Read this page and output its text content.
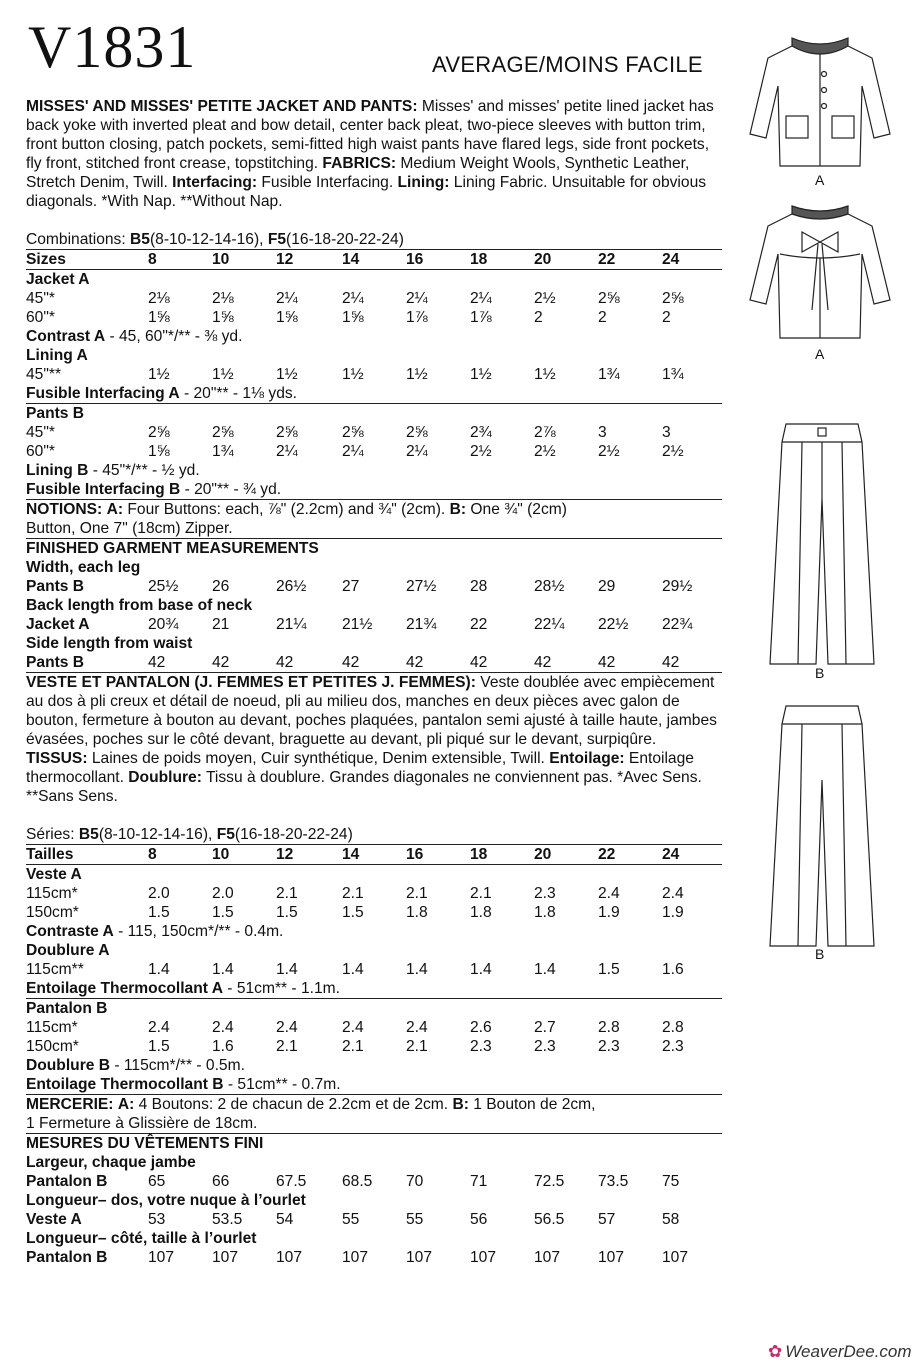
V1831	AVERAGE/MOINS FACILE

MISSES' AND MISSES' PETITE JACKET AND PANTS: Misses' and misses' petite lined jacket has back yoke with inverted pleat and bow detail, center back pleat, two-piece sleeves with button trim, front button closing, patch pockets, semi-fitted high waist pants have flared legs, side front pockets, fly front, stitched front crease, topstitching. FABRICS: Medium Weight Wools, Synthetic Leather, Stretch Denim, Twill. Interfacing: Fusible Interfacing. Lining: Lining Fabric. Unsuitable for obvious diagonals. *With Nap. **Without Nap.

Combinations: B5(8-10-12-14-16), F5(16-18-20-22-24)
Sizes	8	10	12	14	16	18	20	22	24
Jacket A
45"*	2⅛	2⅛	2¼	2¼	2¼	2¼	2½	2⅝	2⅝
60"*	1⅝	1⅝	1⅝	1⅝	1⅞	1⅞	2	2	2
Contrast A - 45, 60"*/** - ⅜ yd.
Lining A
45"**	1½	1½	1½	1½	1½	1½	1½	1¾	1¾
Fusible Interfacing A - 20"** - 1⅛ yds.
Pants B
45"*	2⅝	2⅝	2⅝	2⅝	2⅝	2¾	2⅞	3	3
60"*	1⅝	1¾	2¼	2¼	2¼	2½	2½	2½	2½
Lining B - 45"*/** - ½ yd.
Fusible Interfacing B - 20"** - ¾ yd.
NOTIONS: A: Four Buttons: each, ⅞" (2.2cm) and ¾" (2cm). B: One ¾" (2cm)
Button, One 7" (18cm) Zipper.
FINISHED GARMENT MEASUREMENTS
Width, each leg
Pants B	25½ 26	26½ 27	27½ 28	28½ 29	29½
Back length from base of neck
Jacket A	20¾ 21	21¼ 21½ 21¾ 22	22¼ 22½ 22¾
Side length from waist
Pants B	42	42	42	42	42	42	42	42	42

VESTE ET PANTALON (J. FEMMES ET PETITES J. FEMMES): Veste doublée avec empiècement au dos à pli creux et détail de noeud, pli au milieu dos, manches en deux pièces avec galon de bouton, fermeture à bouton au devant, poches plaquées, pantalon semi ajusté à taille haute, jambes évasées, poches sur le côté devant, braguette au devant, pli piqué sur le devant, surpiqûre. TISSUS: Laines de poids moyen, Cuir synthétique, Denim extensible, Twill. Entoilage: Entoilage thermocollant. Doublure: Tissu à doublure. Grandes diagonales ne conviennent pas. *Avec Sens. **Sans Sens.

Séries: B5(8-10-12-14-16), F5(16-18-20-22-24)
Tailles	8	10	12	14	16	18	20	22	24
Veste A
115cm*	2.0	2.0	2.1	2.1	2.1	2.1	2.3	2.4	2.4
150cm*	1.5	1.5	1.5	1.5	1.8	1.8	1.8	1.9	1.9
Contraste A - 115, 150cm*/** - 0.4m.
Doublure A
115cm**	1.4	1.4	1.4	1.4	1.4	1.4	1.4	1.5	1.6
Entoilage Thermocollant A - 51cm** - 1.1m.
Pantalon B
115cm*	2.4	2.4	2.4	2.4	2.4	2.6	2.7	2.8	2.8
150cm*	1.5	1.6	2.1	2.1	2.1	2.3	2.3	2.3	2.3
Doublure B - 115cm*/** - 0.5m.
Entoilage Thermocollant B - 51cm** - 0.7m.
MERCERIE: A: 4 Boutons: 2 de chacun de 2.2cm et de 2cm. B: 1 Bouton de 2cm,
1 Fermeture à Glissière de 18cm.
MESURES DU VÊTEMENTS FINI
Largeur, chaque jambe
Pantalon B	65	66	67.5 68.5 70	71	72.5 73.5 75
Longueur– dos, votre nuque à l’ourlet
Veste A	53	53.5 54	55	55	56	56.5 57	58
Longueur– côté, taille à l’ourlet
Pantalon B	107 107 107	107 107 107 107 107 107
A
A
B
B
✿ WeaverDee.com
